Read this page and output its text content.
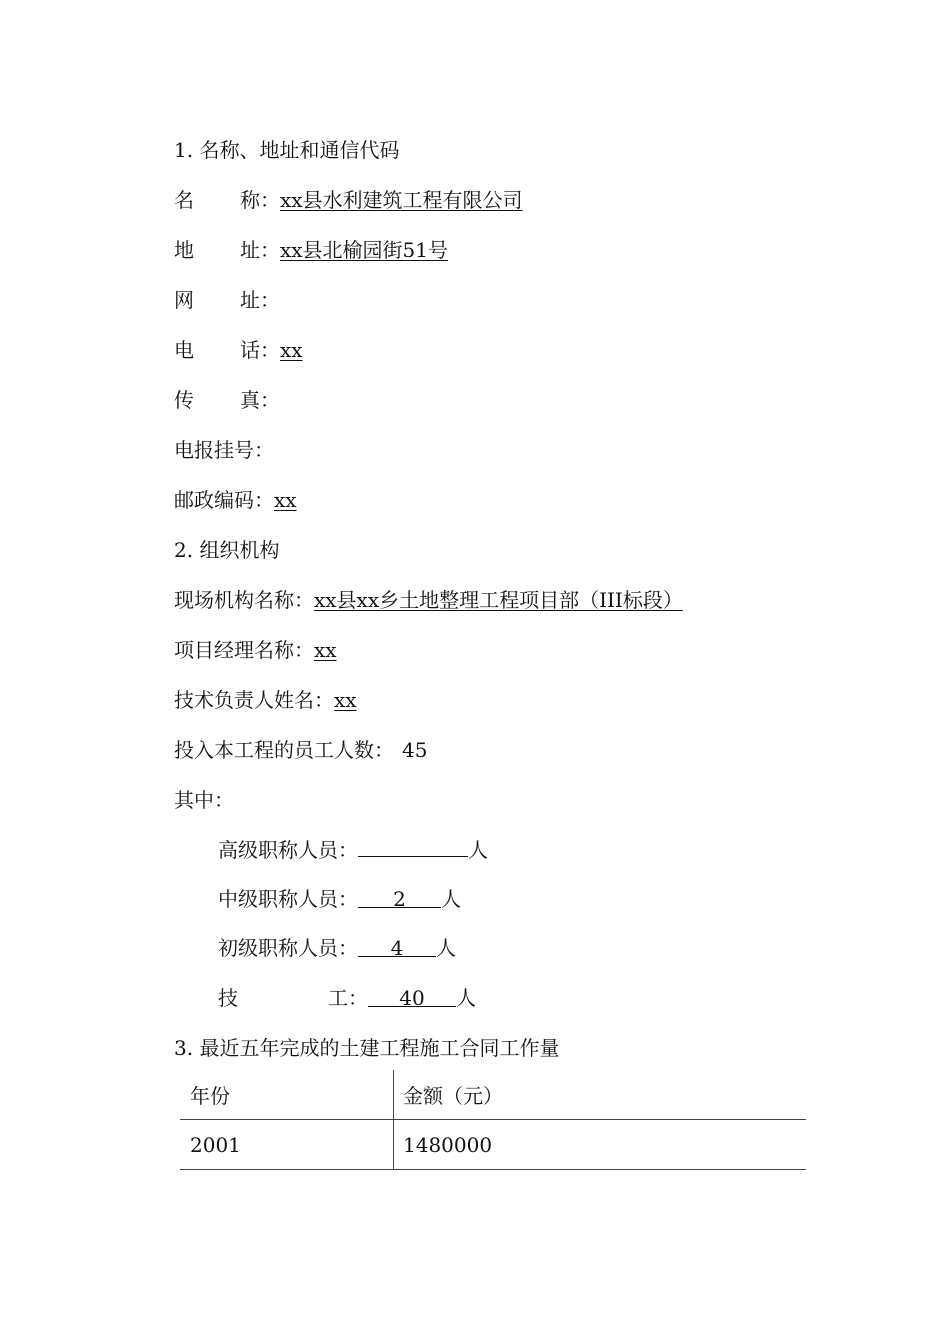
1. 名称、地址和通信代码
名 称：xx县水利建筑工程有限公司
地 址：xx县北榆园街51号
网 址：
电 话：xx
传 真：
电报挂号：
邮政编码：xx
2. 组织机构
现场机构名称：xx县xx乡土地整理工程项目部（III标段）
项目经理名称：xx
技术负责人姓名：xx
投入本工程的员工人数： 45
其中：
高级职称人员：	人
中级职称人员： 2 人
初级职称人员： 4 人
技	工： 40 人
3. 最近五年完成的土建工程施工合同工作量
年份	金额（元）
2001	1480000
